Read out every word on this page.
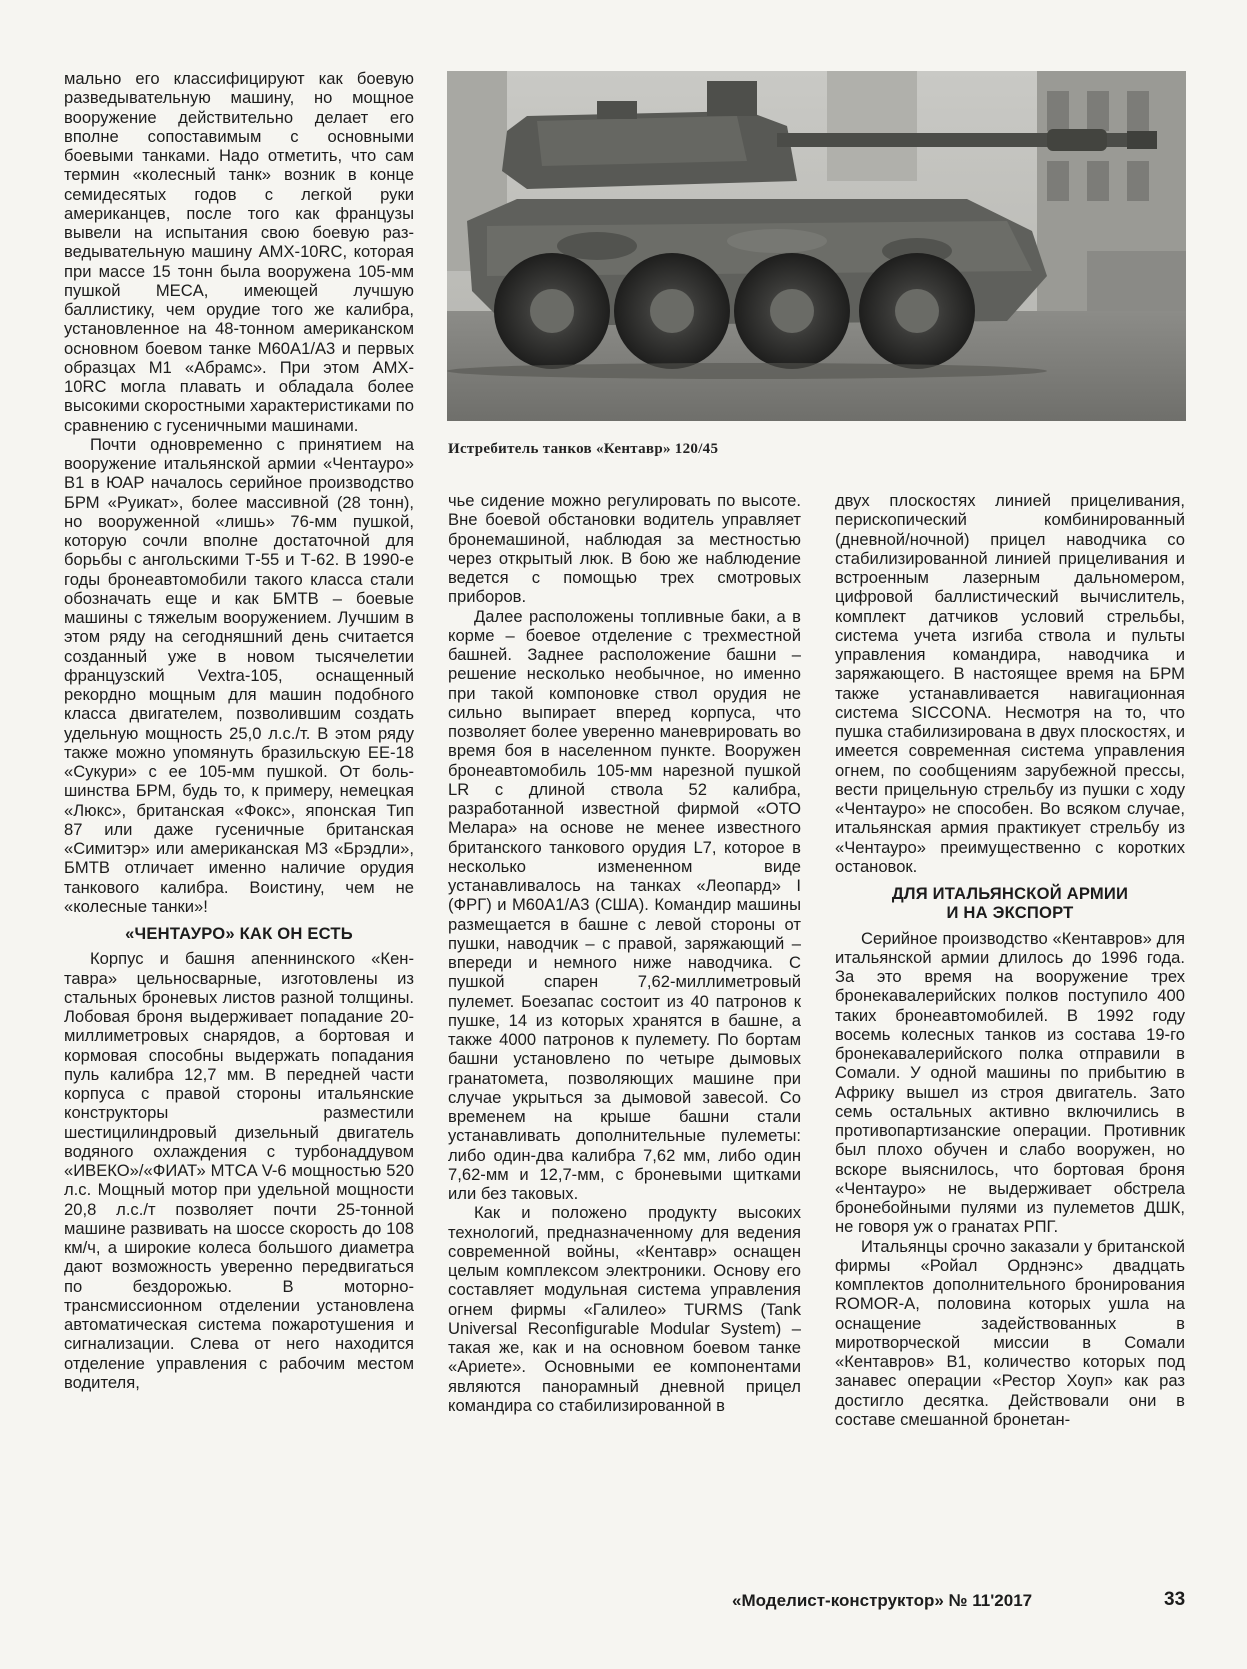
мально его классифицируют как боевую разведывательную машину, но мощное вооружение действительно делает его вполне сопоставимым с основными боевыми танками. Надо отметить, что сам термин «колесный танк» возник в конце семидесятых годов с легкой руки американцев, после того как французы вывели на испытания свою боевую разведывательную машину AMX-10RC, которая при массе 15 тонн была вооружена 105-мм пушкой MECA, имеющей лучшую баллистику, чем орудие того же калибра, установленное на 48-тонном американском основном боевом танке M60A1/A3 и первых образцах M1 «Абрамс». При этом AMX-10RC могла плавать и обладала более высокими скоростными характеристиками по сравнению с гусеничными машинами.

Почти одновременно с принятием на вооружение итальянской армии «Чентауро» B1 в ЮАР началось серийное производство БРМ «Руикат», более массивной (28 тонн), но вооруженной «лишь» 76-мм пушкой, которую сочли вполне достаточной для борьбы с ангольскими Т-55 и Т-62. В 1990-е годы бронеавтомобили такого класса стали обозначать еще и как БМТВ – боевые машины с тяжелым вооружением. Лучшим в этом ряду на сегодняшний день считается созданный уже в новом тысячелетии французский Vextra-105, оснащенный рекордно мощным для машин подобного класса двигателем, позволившим создать удельную мощность 25,0 л.с./т. В этом ряду также можно упомянуть бразильскую EE-18 «Сукури» с ее 105-мм пушкой. От большинства БРМ, будь то, к примеру, немецкая «Люкс», британская «Фокс», японская Тип 87 или даже гусеничные британская «Симитэр» или американская M3 «Брэдли», БМТВ отличает именно наличие орудия танкового калибра. Воистину, чем не «колесные танки»!

«ЧЕНТАУРО» КАК ОН ЕСТЬ

Корпус и башня апеннинского «Кентавра» цельносварные, изготовлены из стальных броневых листов разной толщины. Лобовая броня выдерживает попадание 20-миллиметровых снарядов, а бортовая и кормовая способны выдержать попадания пуль калибра 12,7 мм. В передней части корпуса с правой стороны итальянские конструкторы разместили шестицилиндровый дизельный двигатель водяного охлаждения с турбонаддувом «ИВЕКО»/«ФИАТ» MTCA V-6 мощностью 520 л.с. Мощный мотор при удельной мощности 20,8 л.с./т позволяет почти 25-тонной машине развивать на шоссе скорость до 108 км/ч, а широкие колеса большого диаметра дают возможность уверенно передвигаться по бездорожью. В моторно-трансмиссионном отделении установлена автоматическая система пожаротушения и сигнализации. Слева от него находится отделение управления с рабочим местом водителя,

Истребитель танков «Кентавр» 120/45

чье сидение можно регулировать по высоте. Вне боевой обстановки водитель управляет бронемашиной, наблюдая за местностью через открытый люк. В бою же наблюдение ведется с помощью трех смотровых приборов.

Далее расположены топливные баки, а в корме – боевое отделение с трехместной башней. Заднее расположение башни – решение несколько необычное, но именно при такой компоновке ствол орудия не сильно выпирает вперед корпуса, что позволяет более уверенно маневрировать во время боя в населенном пункте. Вооружен бронеавтомобиль 105-мм нарезной пушкой LR с длиной ствола 52 калибра, разработанной известной фирмой «ОТО Мелара» на основе не менее известного британского танкового орудия L7, которое в несколько измененном виде устанавливалось на танках «Леопард» I (ФРГ) и M60A1/A3 (США). Командир машины размещается в башне с левой стороны от пушки, наводчик – с правой, заряжающий – впереди и немного ниже наводчика. С пушкой спарен 7,62-миллиметровый пулемет. Боезапас состоит из 40 патронов к пушке, 14 из которых хранятся в башне, а также 4000 патронов к пулемету. По бортам башни установлено по четыре дымовых гранатомета, позволяющих машине при случае укрыться за дымовой завесой. Со временем на крыше башни стали устанавливать дополнительные пулеметы: либо один-два калибра 7,62 мм, либо один 7,62-мм и 12,7-мм, с броневыми щитками или без таковых.

Как и положено продукту высоких технологий, предназначенному для ведения современной войны, «Кентавр» оснащен целым комплексом электроники. Основу его составляет модульная система управления огнем фирмы «Галилео» TURMS (Tank Universal Reconfigurable Modular System) – такая же, как и на основном боевом танке «Ариете». Основными ее компонентами являются панорамный дневной прицел командира со стабилизированной в

двух плоскостях линией прицеливания, перископический комбинированный (дневной/ночной) прицел наводчика со стабилизированной линией прицеливания и встроенным лазерным дальномером, цифровой баллистический вычислитель, комплект датчиков условий стрельбы, система учета изгиба ствола и пульты управления командира, наводчика и заряжающего. В настоящее время на БРМ также устанавливается навигационная система SICCONA. Несмотря на то, что пушка стабилизирована в двух плоскостях, и имеется современная система управления огнем, по сообщениям зарубежной прессы, вести прицельную стрельбу из пушки с ходу «Чентауро» не способен. Во всяком случае, итальянская армия практикует стрельбу из «Чентауро» преимущественно с коротких остановок.

ДЛЯ ИТАЛЬЯНСКОЙ АРМИИ
И НА ЭКСПОРТ

Серийное производство «Кентавров» для итальянской армии длилось до 1996 года. За это время на вооружение трех бронекавалерийских полков поступило 400 таких бронеавтомобилей. В 1992 году восемь колесных танков из состава 19-го бронекавалерийского полка отправили в Сомали. У одной машины по прибытию в Африку вышел из строя двигатель. Зато семь остальных активно включились в противопартизанские операции. Противник был плохо обучен и слабо вооружен, но вскоре выяснилось, что бортовая броня «Чентауро» не выдерживает обстрела бронебойными пулями из пулеметов ДШК, не говоря уж о гранатах РПГ.

Итальянцы срочно заказали у британской фирмы «Ройал Орднэнс» двадцать комплектов дополнительного бронирования ROMOR-A, половина которых ушла на оснащение задействованных в миротворческой миссии в Сомали «Кентавров» B1, количество которых под занавес операции «Рестор Хоуп» как раз достигло десятка. Действовали они в составе смешанной бронетан-

«Моделист-конструктор» № 11'2017	33
